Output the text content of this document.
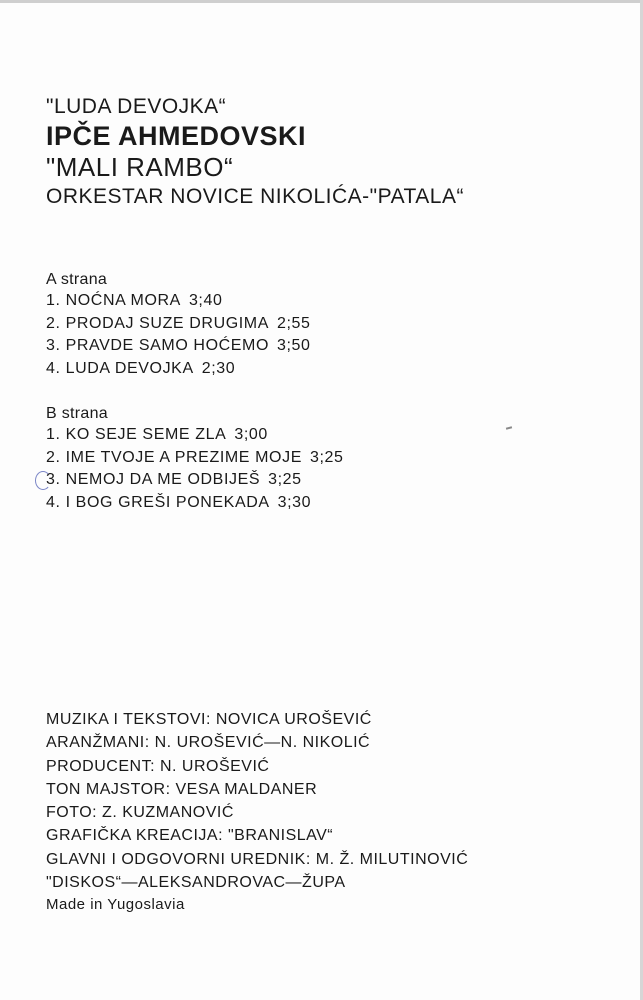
"LUDA DEVOJKA“
IPČE AHMEDOVSKI
"MALI RAMBO“
ORKESTAR NOVICE NIKOLIĆA-"PATALA“
A strana
1. NOĆNA MORA 3;40
2. PRODAJ SUZE DRUGIMA 2;55
3. PRAVDE SAMO HOĆEMO 3;50
4. LUDA DEVOJKA 2;30
B strana
1. KO SEJE SEME ZLA 3;00
2. IME TVOJE A PREZIME MOJE 3;25
3. NEMOJ DA ME ODBIJEŠ 3;25
4. I BOG GREŠI PONEKADA 3;30
MUZIKA I TEKSTOVI: NOVICA UROŠEVIĆ
ARANŽMANI: N. UROŠEVIĆ—N. NIKOLIĆ
PRODUCENT: N. UROŠEVIĆ
TON MAJSTOR: VESA MALDANER
FOTO: Z. KUZMANOVIĆ
GRAFIČKA KREACIJA: "BRANISLAV“
GLAVNI I ODGOVORNI UREDNIK: M. Ž. MILUTINOVIĆ
"DISKOS“—ALEKSANDROVAC—ŽUPA
Made in Yugoslavia
